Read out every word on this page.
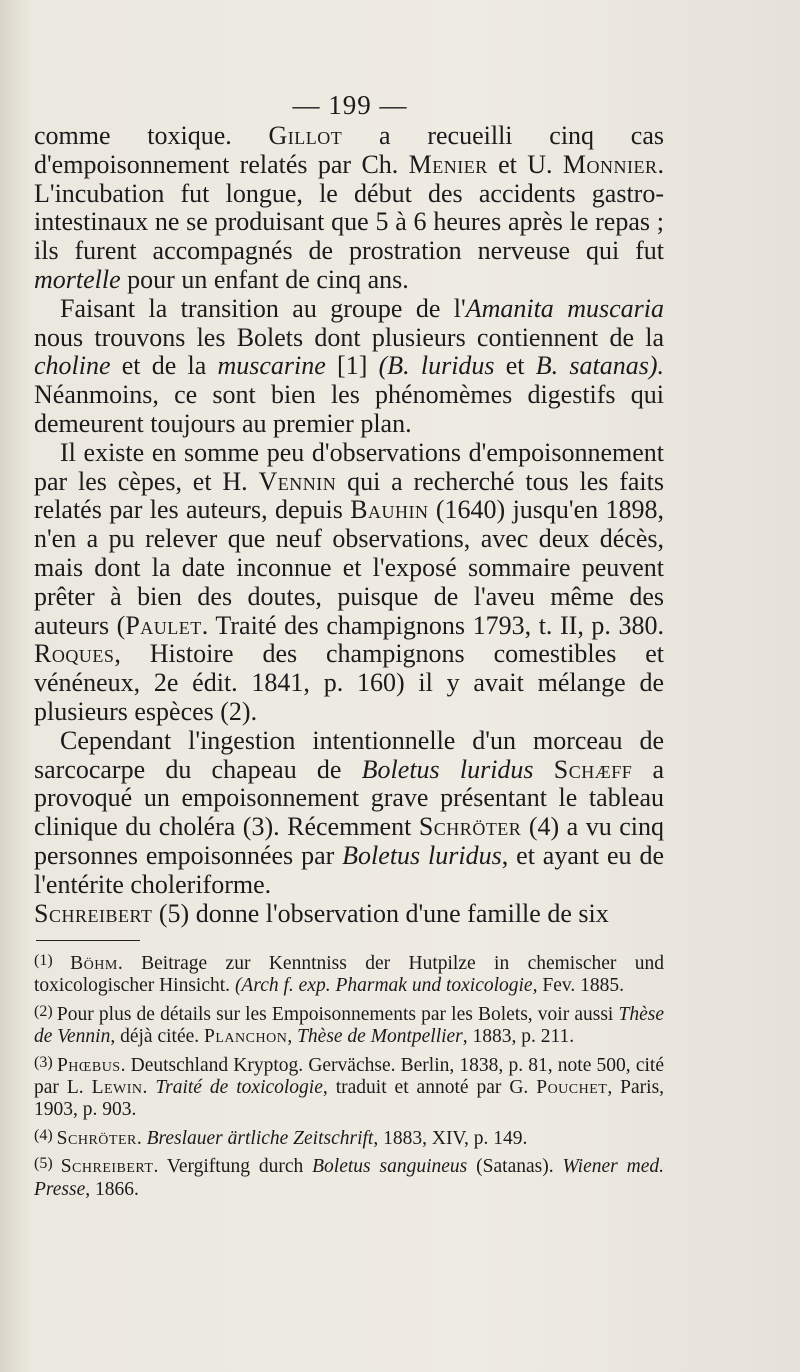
— 199 —

comme toxique. Gillot a recueilli cinq cas d'empoisonnement relatés par Ch. Menier et U. Monnier. L'incubation fut longue, le début des accidents gastro-intestinaux ne se produisant que 5 à 6 heures après le repas ; ils furent accompagnés de prostration nerveuse qui fut mortelle pour un enfant de cinq ans.

Faisant la transition au groupe de l'Amanita muscaria nous trouvons les Bolets dont plusieurs contiennent de la choline et de la muscarine [1] (B. luridus et B. satanas). Néanmoins, ce sont bien les phénomèmes digestifs qui demeurent toujours au premier plan.

Il existe en somme peu d'observations d'empoisonnement par les cèpes, et H. Vennin qui a recherché tous les faits relatés par les auteurs, depuis Bauhin (1640) jusqu'en 1898, n'en a pu relever que neuf observations, avec deux décès, mais dont la date inconnue et l'exposé sommaire peuvent prêter à bien des doutes, puisque de l'aveu même des auteurs (Paulet. Traité des champignons 1793, t. II, p. 380. Roques, Histoire des champignons comestibles et vénéneux, 2e édit. 1841, p. 160) il y avait mélange de plusieurs espèces (2).

Cependant l'ingestion intentionnelle d'un morceau de sarcocarpe du chapeau de Boletus luridus Schæff a provoqué un empoisonnement grave présentant le tableau clinique du choléra (3). Récemment Schröter (4) a vu cinq personnes empoisonnées par Boletus luridus, et ayant eu de l'entérite choleriforme.

Schreibert (5) donne l'observation d'une famille de six

$^{(1)}$ Böhm. Beitrage zur Kenntniss der Hutpilze in chemischer und toxicologischer Hinsicht. (Arch f. exp. Pharmak und toxicologie, Fev. 1885.

$^{(2)}$ Pour plus de détails sur les Empoisonnements par les Bolets, voir aussi Thèse de Vennin, déjà citée. Planchon, Thèse de Montpellier, 1883, p. 211.

$^{(3)}$ Phœbus. Deutschland Kryptog. Gervächse. Berlin, 1838, p. 81, note 500, cité par L. Lewin. Traité de toxicologie, traduit et annoté par G. Pouchet, Paris, 1903, p. 903.

$^{(4)}$ Schröter. Breslauer ärtliche Zeitschrift, 1883, XIV, p. 149.

$^{(5)}$ Schreibert. Vergiftung durch Boletus sanguineus (Satanas). Wiener med. Presse, 1866.
